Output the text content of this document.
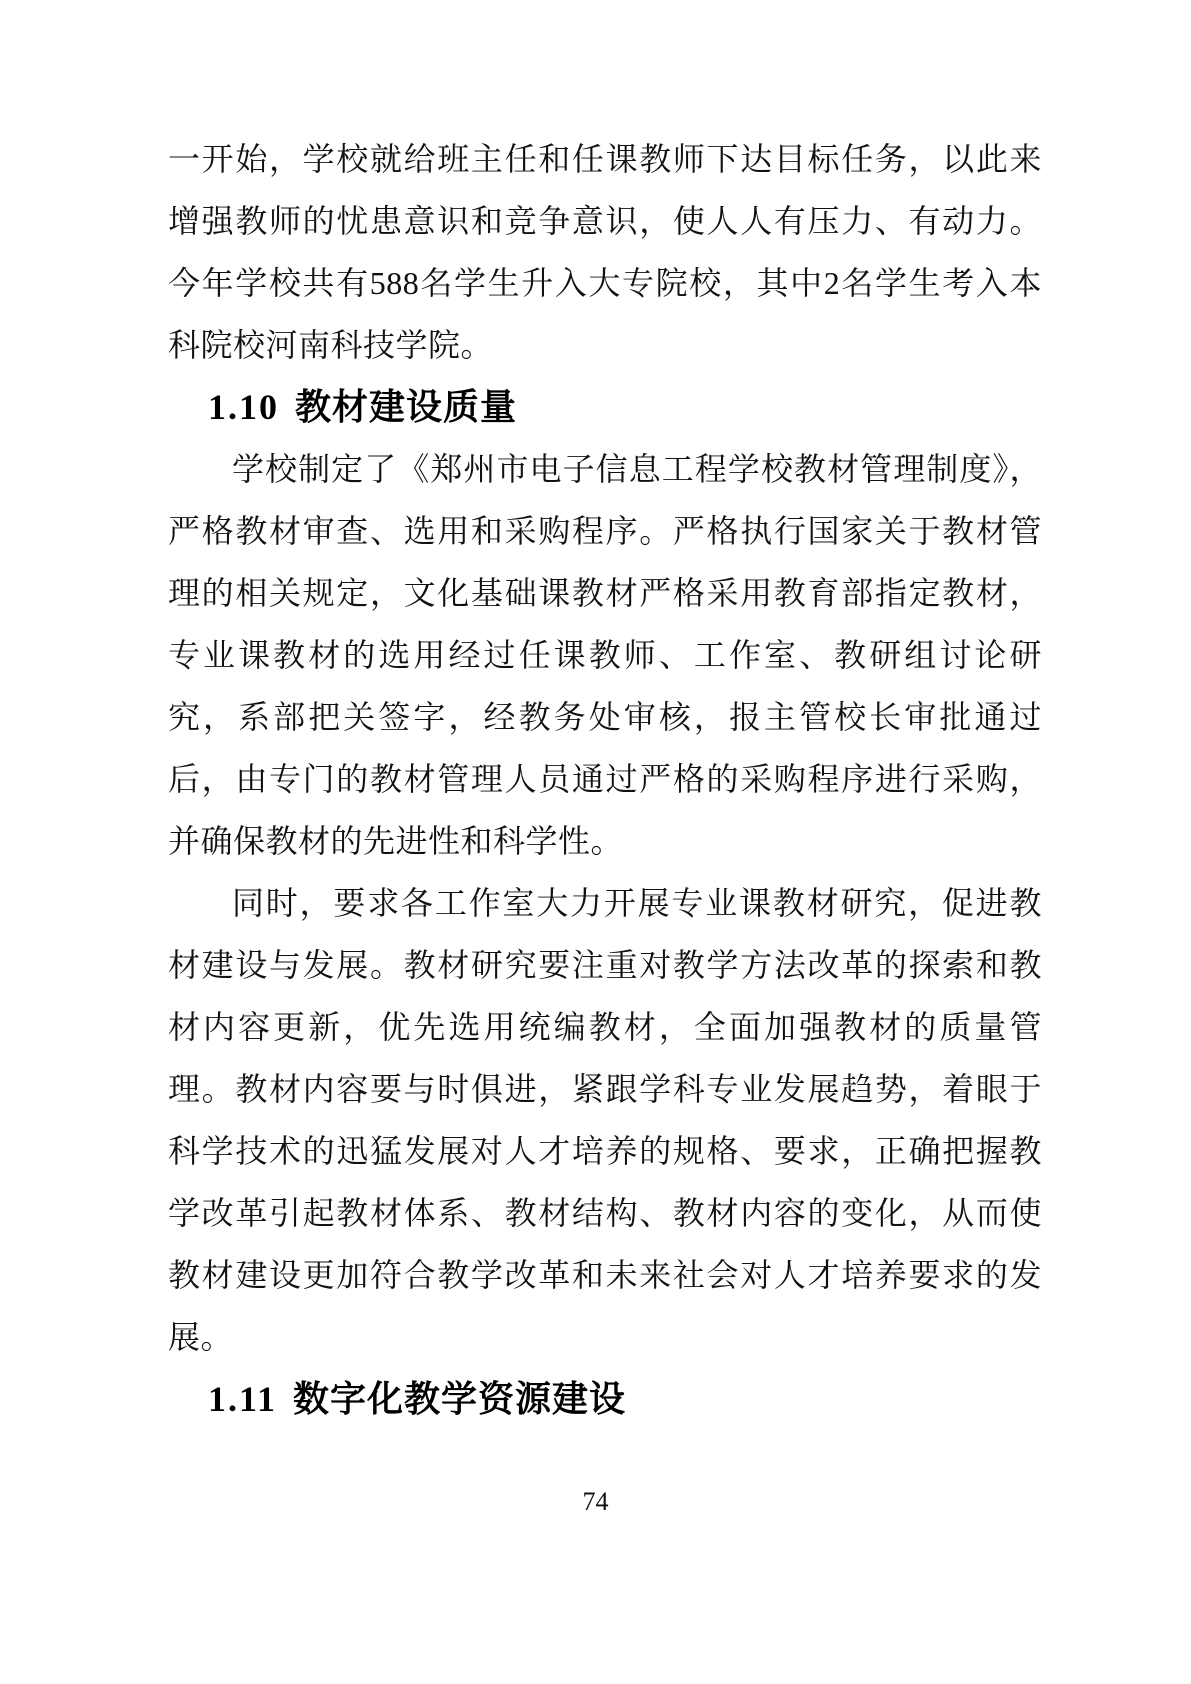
一开始，学校就给班主任和任课教师下达目标任务，以此来增强教师的忧患意识和竞争意识，使人人有压力、有动力。今年学校共有588名学生升入大专院校，其中2名学生考入本科院校河南科技学院。

1.10 教材建设质量

学校制定了《郑州市电子信息工程学校教材管理制度》，严格教材审查、选用和采购程序。严格执行国家关于教材管理的相关规定，文化基础课教材严格采用教育部指定教材，专业课教材的选用经过任课教师、工作室、教研组讨论研究，系部把关签字，经教务处审核，报主管校长审批通过后，由专门的教材管理人员通过严格的采购程序进行采购，并确保教材的先进性和科学性。

同时，要求各工作室大力开展专业课教材研究，促进教材建设与发展。教材研究要注重对教学方法改革的探索和教材内容更新，优先选用统编教材，全面加强教材的质量管理。教材内容要与时俱进，紧跟学科专业发展趋势，着眼于科学技术的迅猛发展对人才培养的规格、要求，正确把握教学改革引起教材体系、教材结构、教材内容的变化，从而使教材建设更加符合教学改革和未来社会对人才培养要求的发展。

1.11 数字化教学资源建设
74
